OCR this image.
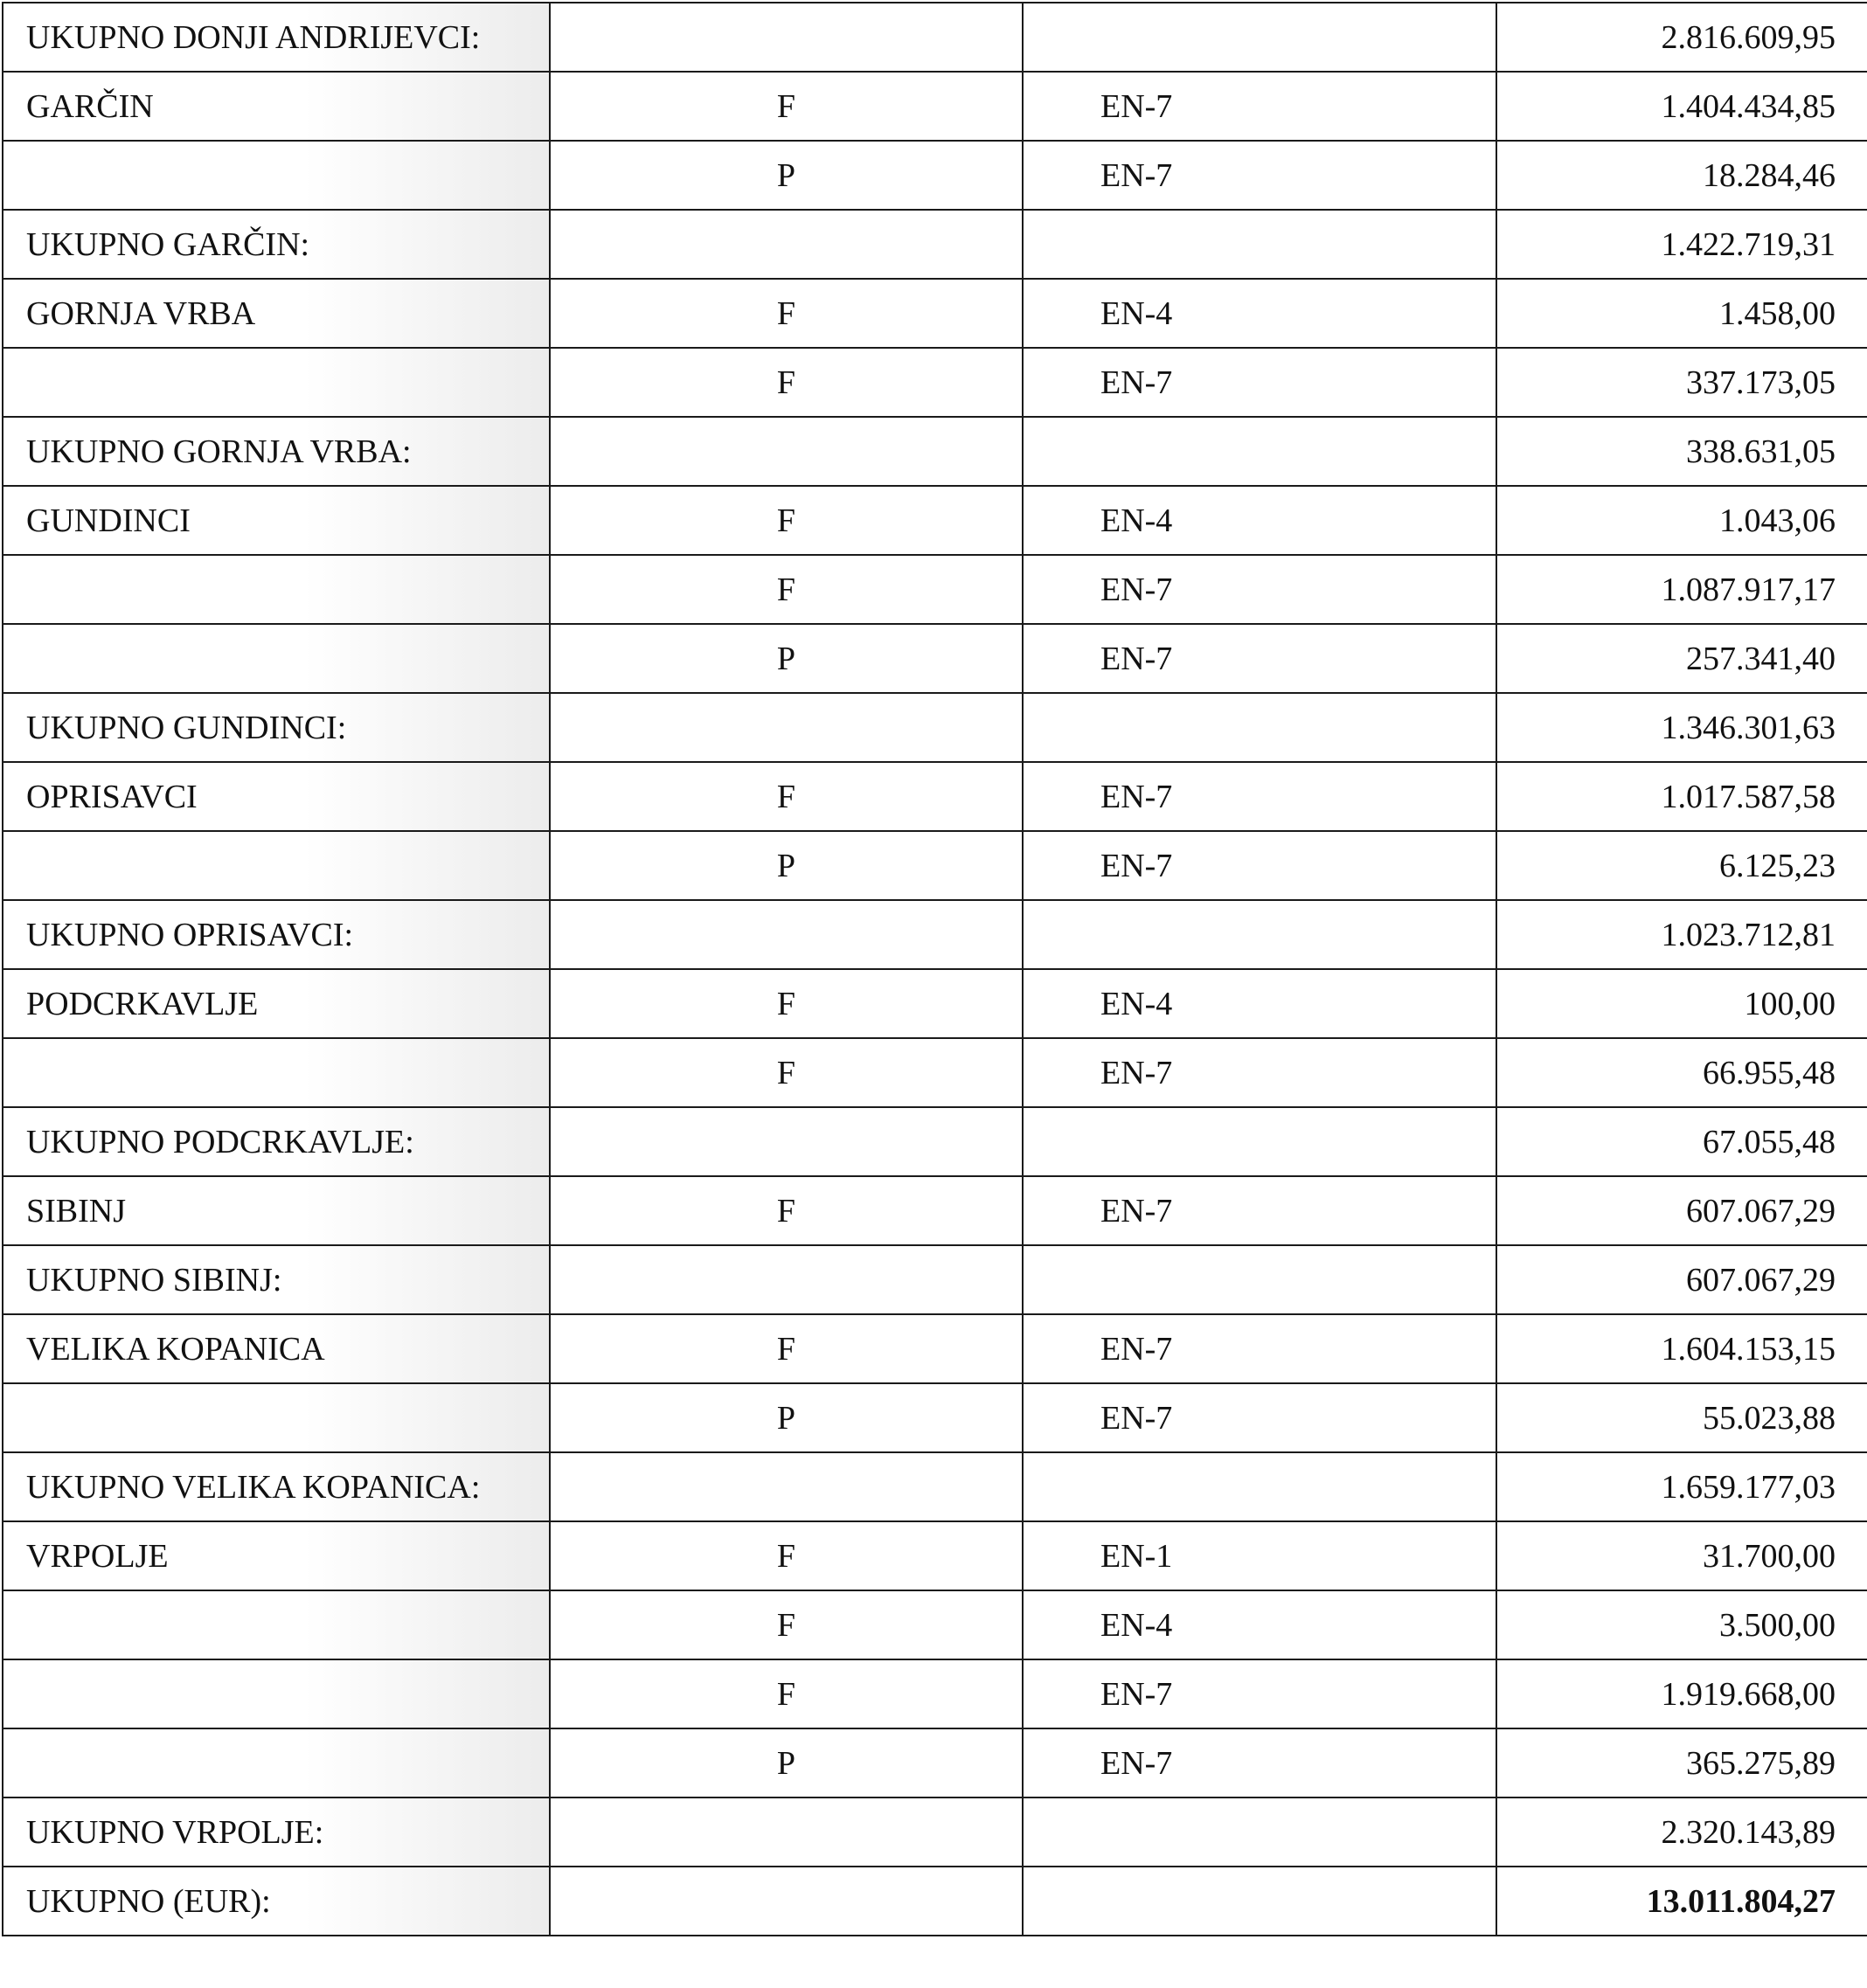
UKUPNO DONJI ANDRIJEVCI:			2.816.609,95
GARČIN	F	EN-7	1.404.434,85
	P	EN-7	18.284,46
UKUPNO GARČIN:			1.422.719,31
GORNJA VRBA	F	EN-4	1.458,00
	F	EN-7	337.173,05
UKUPNO GORNJA VRBA:			338.631,05
GUNDINCI	F	EN-4	1.043,06
	F	EN-7	1.087.917,17
	P	EN-7	257.341,40
UKUPNO GUNDINCI:			1.346.301,63
OPRISAVCI	F	EN-7	1.017.587,58
	P	EN-7	6.125,23
UKUPNO OPRISAVCI:			1.023.712,81
PODCRKAVLJE	F	EN-4	100,00
	F	EN-7	66.955,48
UKUPNO PODCRKAVLJE:			67.055,48
SIBINJ	F	EN-7	607.067,29
UKUPNO SIBINJ:			607.067,29
VELIKA KOPANICA	F	EN-7	1.604.153,15
	P	EN-7	55.023,88
UKUPNO VELIKA KOPANICA:			1.659.177,03
VRPOLJE	F	EN-1	31.700,00
	F	EN-4	3.500,00
	F	EN-7	1.919.668,00
	P	EN-7	365.275,89
UKUPNO VRPOLJE:			2.320.143,89
UKUPNO (EUR):			13.011.804,27
